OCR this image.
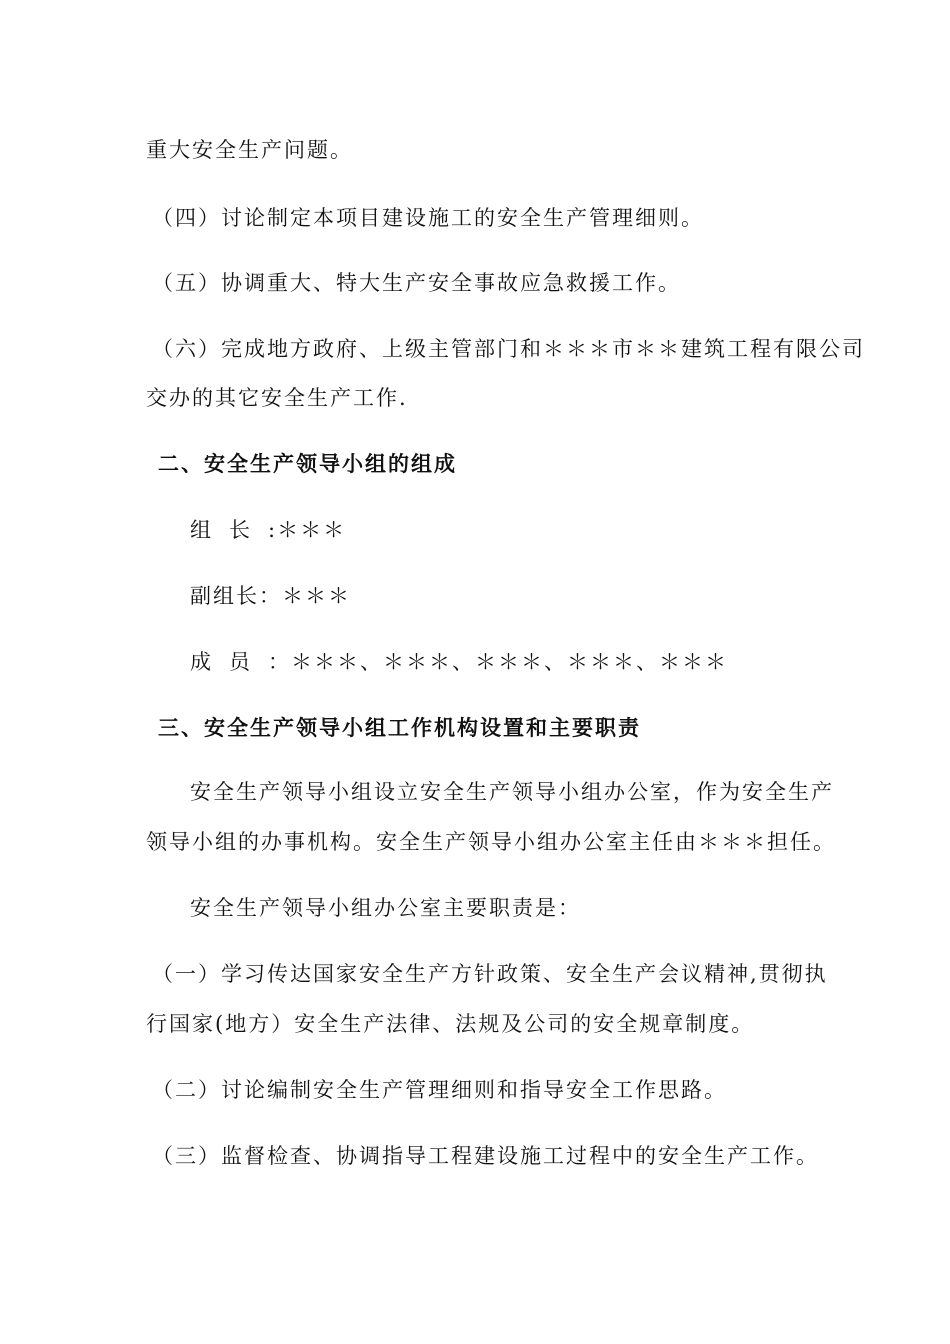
重大安全生产问题。

（四）讨论制定本项目建设施工的安全生产管理细则。

（五）协调重大、特大生产安全事故应急救援工作。

（六）完成地方政府、上级主管部门和＊＊＊市＊＊建筑工程有限公司

交办的其它安全生产工作.

二、安全生产领导小组的组成

组长:＊＊＊

副组长：＊＊＊

成员：＊＊＊、＊＊＊、＊＊＊、＊＊＊、＊＊＊

三、安全生产领导小组工作机构设置和主要职责

安全生产领导小组设立安全生产领导小组办公室，作为安全生产

领导小组的办事机构。安全生产领导小组办公室主任由＊＊＊担任。

安全生产领导小组办公室主要职责是：

（一）学习传达国家安全生产方针政策、安全生产会议精神,贯彻执

行国家(地方）安全生产法律、法规及公司的安全规章制度。

（二）讨论编制安全生产管理细则和指导安全工作思路。

（三）监督检查、协调指导工程建设施工过程中的安全生产工作。
